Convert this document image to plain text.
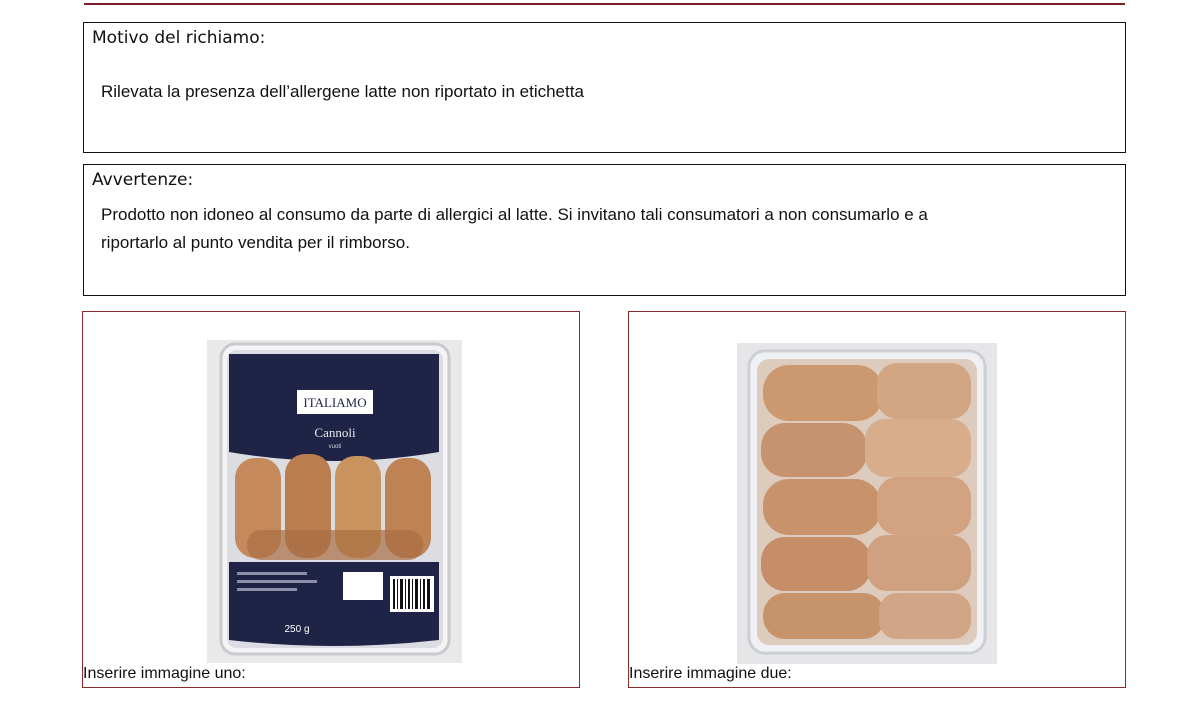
Motivo del richiamo:
Rilevata la presenza dell’allergene latte non riportato in etichetta
Avvertenze:
Prodotto non idoneo al consumo da parte di allergici al latte. Si invitano tali consumatori a non consumarlo e a
riportarlo al punto vendita per il rimborso.
ITALIAMO
Cannoli
vuoti
250 g
Inserire immagine uno:	Inserire immagine due:
